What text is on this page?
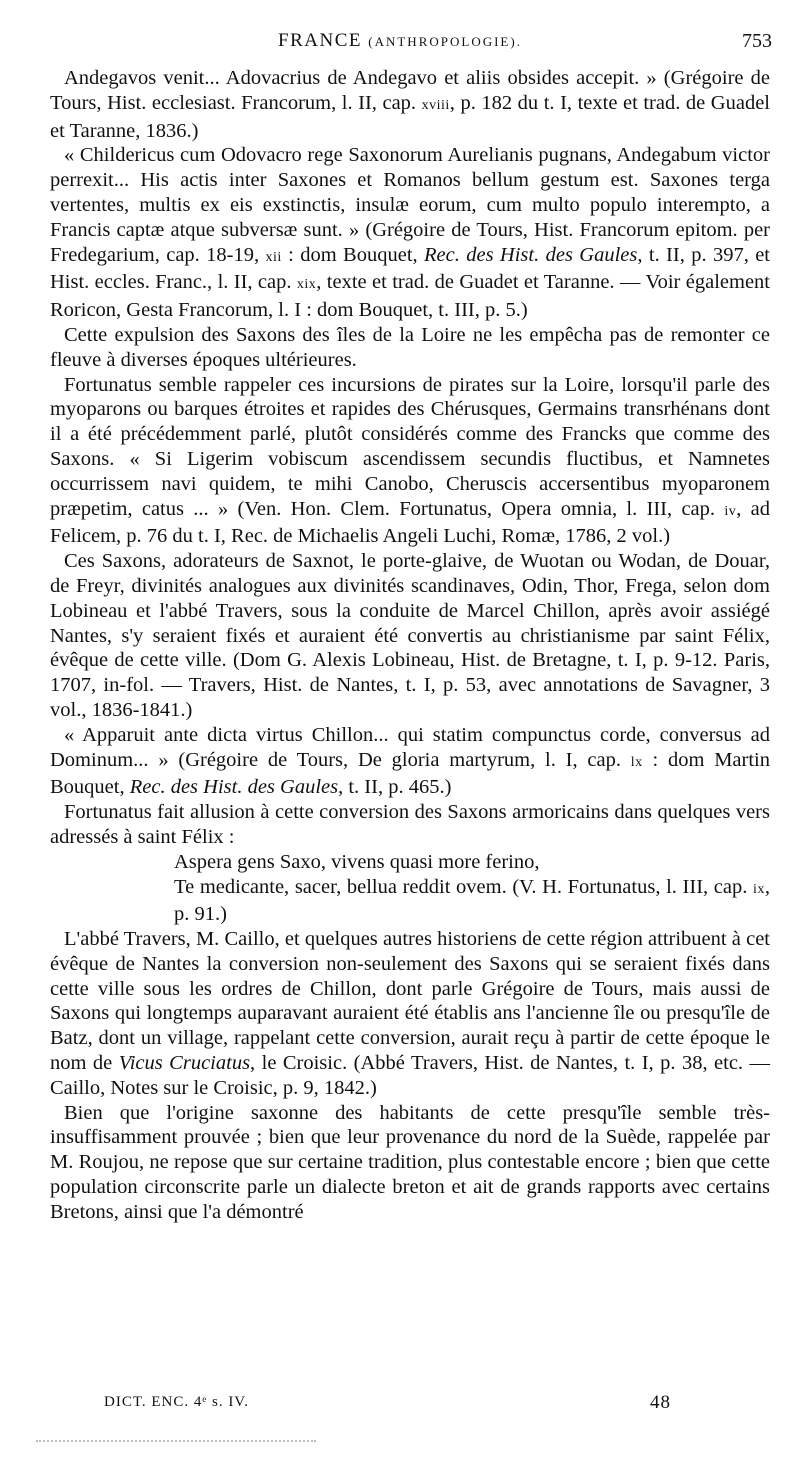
FRANCE (ANTHROPOLOGIE).	753

Andegavos venit... Adovacrius de Andegavo et aliis obsides accepit. » (Grégoire de Tours, Hist. ecclesiast. Francorum, l. II, cap. xviii, p. 182 du t. I, texte et trad. de Guadel et Taranne, 1836.)

« Childericus cum Odovacro rege Saxonorum Aurelianis pugnans, Andegabum victor perrexit... His actis inter Saxones et Romanos bellum gestum est. Saxones terga vertentes, multis ex eis exstinctis, insulæ eorum, cum multo populo interempto, a Francis captæ atque subversæ sunt. » (Grégoire de Tours, Hist. Francorum epitom. per Fredegarium, cap. 18-19, xii : dom Bouquet, Rec. des Hist. des Gaules, t. II, p. 397, et Hist. eccles. Franc., l. II, cap. xix, texte et trad. de Guadet et Taranne. — Voir également Roricon, Gesta Francorum, l. I : dom Bouquet, t. III, p. 5.)

Cette expulsion des Saxons des îles de la Loire ne les empêcha pas de remonter ce fleuve à diverses époques ultérieures.

Fortunatus semble rappeler ces incursions de pirates sur la Loire, lorsqu'il parle des myoparons ou barques étroites et rapides des Chérusques, Germains transrhénans dont il a été précédemment parlé, plutôt considérés comme des Francks que comme des Saxons. « Si Ligerim vobiscum ascendissem secundis fluctibus, et Namnetes occurrissem navi quidem, te mihi Canobo, Cheruscis accersentibus myoparonem præpetim, catus ... » (Ven. Hon. Clem. Fortunatus, Opera omnia, l. III, cap. iv, ad Felicem, p. 76 du t. I, Rec. de Michaelis Angeli Luchi, Romæ, 1786, 2 vol.)

Ces Saxons, adorateurs de Saxnot, le porte-glaive, de Wuotan ou Wodan, de Douar, de Freyr, divinités analogues aux divinités scandinaves, Odin, Thor, Frega, selon dom Lobineau et l'abbé Travers, sous la conduite de Marcel Chillon, après avoir assiégé Nantes, s'y seraient fixés et auraient été convertis au christianisme par saint Félix, évêque de cette ville. (Dom G. Alexis Lobineau, Hist. de Bretagne, t. I, p. 9-12. Paris, 1707, in-fol. — Travers, Hist. de Nantes, t. I, p. 53, avec annotations de Savagner, 3 vol., 1836-1841.)

« Apparuit ante dicta virtus Chillon... qui statim compunctus corde, conversus ad Dominum... » (Grégoire de Tours, De gloria martyrum, l. I, cap. lx : dom Martin Bouquet, Rec. des Hist. des Gaules, t. II, p. 465.)

Fortunatus fait allusion à cette conversion des Saxons armoricains dans quelques vers adressés à saint Félix :

Aspera gens Saxo, vivens quasi more ferino,

Te medicante, sacer, bellua reddit ovem. (V. H. Fortunatus, l. III, cap. ix, p. 91.)

L'abbé Travers, M. Caillo, et quelques autres historiens de cette région attribuent à cet évêque de Nantes la conversion non-seulement des Saxons qui se seraient fixés dans cette ville sous les ordres de Chillon, dont parle Grégoire de Tours, mais aussi de Saxons qui longtemps auparavant auraient été établis ans l'ancienne île ou presqu'île de Batz, dont un village, rappelant cette conversion, aurait reçu à partir de cette époque le nom de Vicus Cruciatus, le Croisic. (Abbé Travers, Hist. de Nantes, t. I, p. 38, etc. — Caillo, Notes sur le Croisic, p. 9, 1842.)

Bien que l'origine saxonne des habitants de cette presqu'île semble très-insuffisamment prouvée ; bien que leur provenance du nord de la Suède, rappelée par M. Roujou, ne repose que sur certaine tradition, plus contestable encore ; bien que cette population circonscrite parle un dialecte breton et ait de grands rapports avec certains Bretons, ainsi que l'a démontré

DICT. ENC. 4ᵉ s. IV.	48
